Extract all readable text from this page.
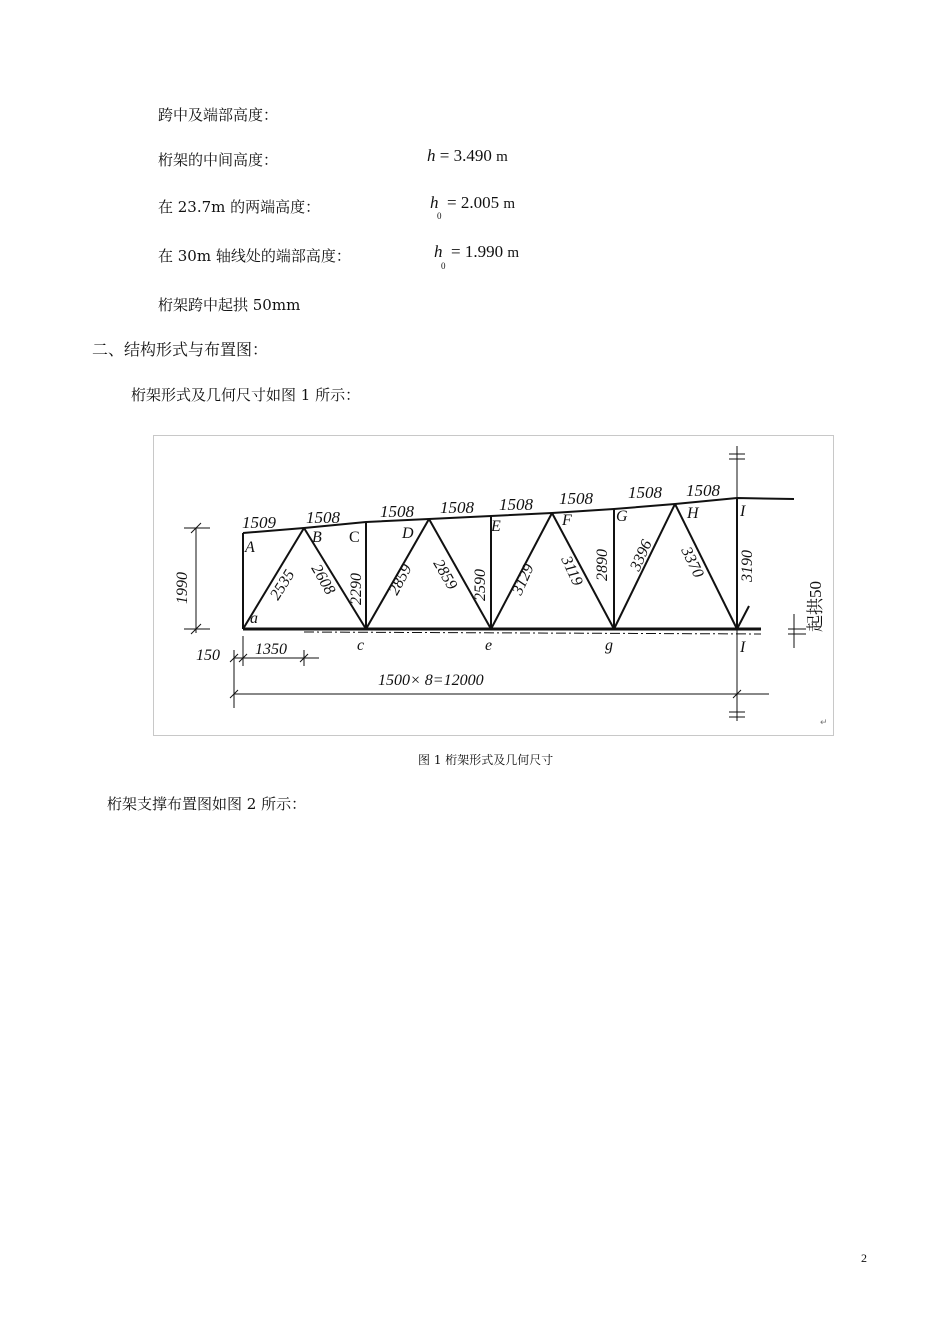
跨中及端部高度：
桁架的中间高度：	h = 3.490 m
在 23.7m 的两端高度：	h = 2.005 m
0
在 30m 轴线处的端部高度：	h = 1.990 m
0
桁架跨中起拱 50mm
二、结构形式与布置图：
桁架形式及几何尺寸如图 1 所示：
1509 1508 1508 1508 1508 1508 1508 1508
A
B C	D	E	F	G	H	I
a
c	e	g	I
2535 2608 2290 2859 2859 2590 3129 3119 2890 3396 3370 3190
1990
150 1350
1500× 8=12000
起拱50
↵
图 1 桁架形式及几何尺寸
桁架支撑布置图如图 2 所示：
2
